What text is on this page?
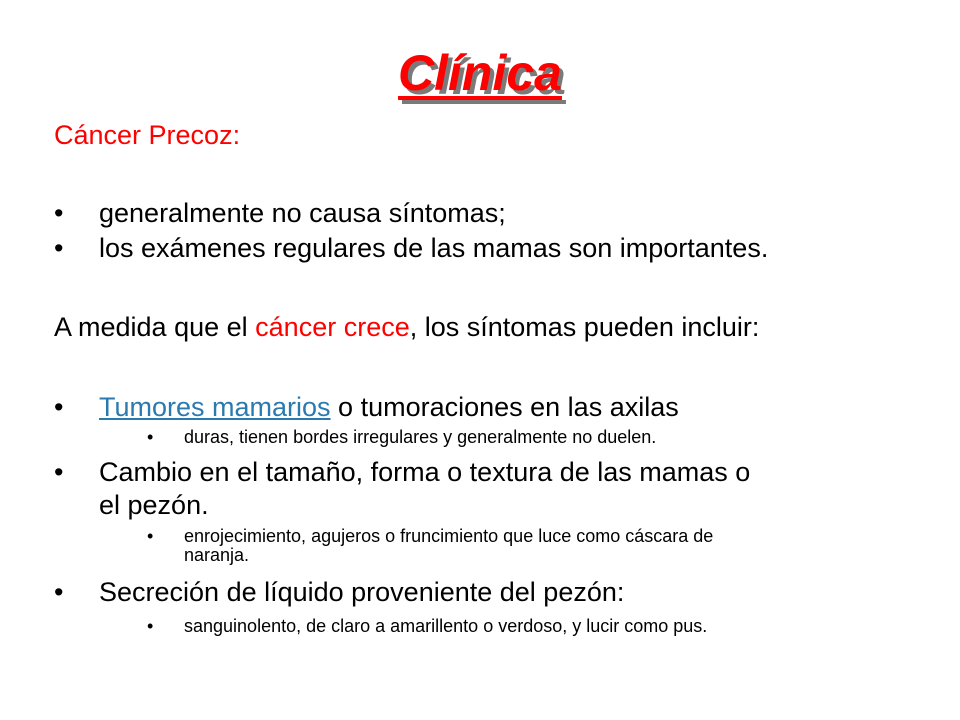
Clínica
Cáncer Precoz:
• generalmente no causa síntomas;
• los exámenes regulares de las mamas son importantes.
A medida que el cáncer crece, los síntomas pueden incluir:
• Tumores mamarios o tumoraciones en las axilas
• duras, tienen bordes irregulares y generalmente no duelen.
• Cambio en el tamaño, forma o textura de las mamas o
el pezón.
• enrojecimiento, agujeros o fruncimiento que luce como cáscara de
naranja.
• Secreción de líquido proveniente del pezón:
• sanguinolento, de claro a amarillento o verdoso, y lucir como pus.
